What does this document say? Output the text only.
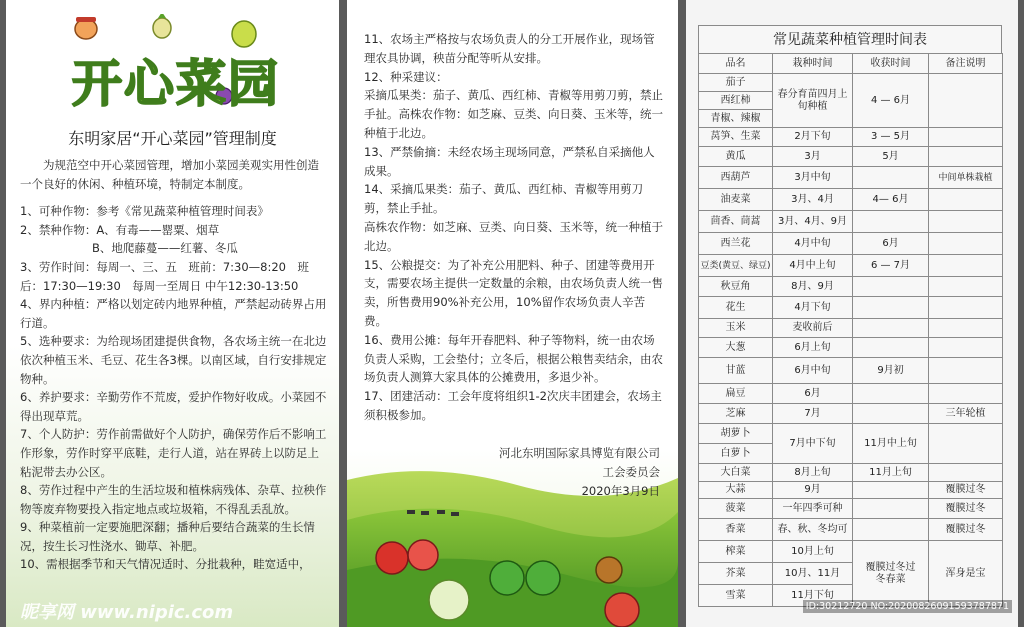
开心菜园
东明家居“开心菜园”管理制度

为规范空中开心菜园管理，增加小菜园美观实用性创造一个良好的休闲、种植环境，特制定本制度。

1、可种作物：参考《常见蔬菜种植管理时间表》

2、禁种作物：A、有毒——罂粟、烟草

B、地爬藤蔓——红薯、冬瓜

3、劳作时间：每周一、三、五　班前：7:30—8:20　班后：17:30—19:30　每周一至周日 中午12:30-13:50

4、界内种植：严格以划定砖内地界种植，严禁起动砖界占用行道。

5、选种要求：为给现场团建提供食物，各农场主统一在北边依次种植玉米、毛豆、花生各3棵。以南区域，自行安排规定物种。

6、养护要求：辛勤劳作不荒废，爱护作物好收成。小菜园不得出现草荒。

7、个人防护：劳作前需做好个人防护，确保劳作后不影响工作形象，劳作时穿平底鞋，走行人道，站在界砖上以防足上粘泥带去办公区。

8、劳作过程中产生的生活垃圾和植株病残体、杂草、拉秧作物等废弃物要投入指定地点或垃圾箱，不得乱丢乱放。

9、种菜植前一定要施肥深翻；播种后要结合蔬菜的生长情况，按生长习性浇水、锄草、补肥。

10、需根据季节和天气情况适时、分批栽种，畦宽适中，

昵享网 www.nipic.com

11、农场主严格按与农场负责人的分工开展作业，现场管理农具协调，秧苗分配等听从安排。

12、种采建议：

采摘瓜果类：茄子、黄瓜、西红柿、青椒等用剪刀剪，禁止手扯。高株农作物：如芝麻、豆类、向日葵、玉米等，统一种植于北边。

13、严禁偷摘：未经农场主现场同意，严禁私自采摘他人成果。

14、采摘瓜果类：茄子、黄瓜、西红柿、青椒等用剪刀剪，禁止手扯。

高株农作物：如芝麻、豆类、向日葵、玉米等，统一种植于北边。

15、公粮提交：为了补充公用肥料、种子、团建等费用开支，需要农场主提供一定数量的余粮，由农场负责人统一售卖，所售费用90%补充公用，10%留作农场负责人辛苦费。

16、费用公摊：每年开春肥料、种子等物料，统一由农场负责人采购，工会垫付；立冬后，根据公粮售卖结余，由农场负责人测算大家具体的公摊费用，多退少补。

17、团建活动：工会年度将组织1-2次庆丰团建会，农场主须积极参加。

河北东明国际家具博览有限公司
工会委员会
2020年3月9日
常见蔬菜种植管理时间表
品名	栽种时间	收获时间	备注说明
茄子	春分育苗四月上旬种植	4 — 6月	
西红柿			
青椒、辣椒			
莴笋、生菜	2月下旬	3 — 5月	
黄瓜	3月	5月	
西葫芦	3月中旬		中间单株栽植
油麦菜	3月、4月	4— 6月	
茴香、茼蒿	3月、4月、9月		
西兰花	4月中旬	6月	
豆类(黄豆、绿豆)	4月中上旬	6 — 7月	
秋豆角	8月、9月		
花生	4月下旬		
玉米	麦收前后		
大葱	6月上旬		
甘蓝	6月中旬	9月初	
扁豆	6月		
芝麻	7月		三年轮植
胡萝卜	7月中下旬	11月中上旬	
白萝卜			
大白菜	8月上旬	11月上旬	
大蒜	9月		覆膜过冬
菠菜	一年四季可种		覆膜过冬
香菜	春、秋、冬均可		覆膜过冬
榨菜	10月上旬	覆膜过冬过冬春菜	浑身是宝
芥菜	10月、11月		
雪菜	11月下旬		
ID:30212720 NO:20200826091593787871
